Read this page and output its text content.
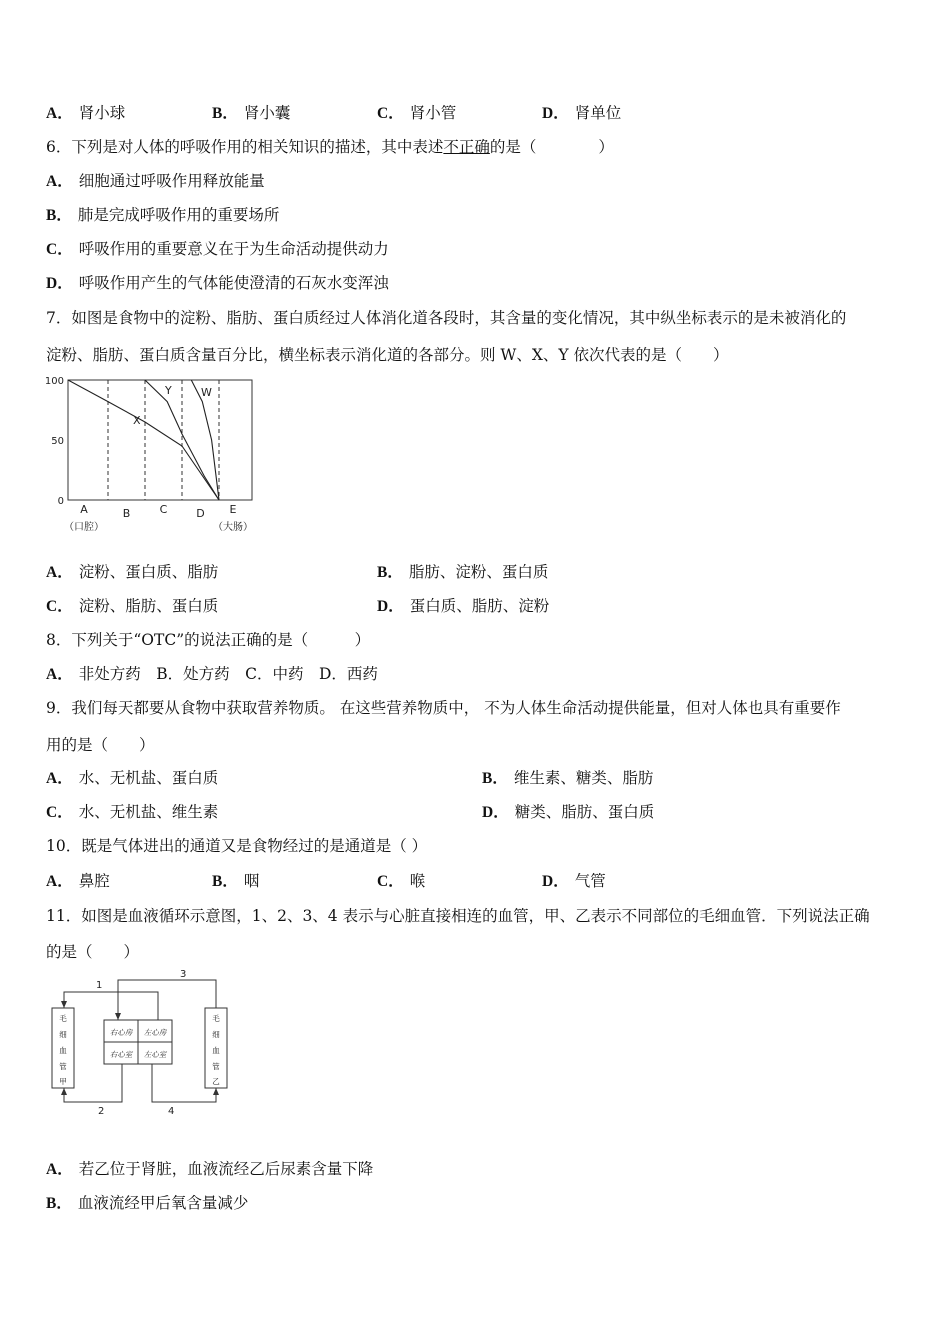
A． 肾小球	B． 肾小囊	C． 肾小管	D． 肾单位
6．下列是对人体的呼吸作用的相关知识的描述，其中表述不正确的是（　　　　）
A． 细胞通过呼吸作用释放能量
B． 肺是完成呼吸作用的重要场所
C． 呼吸作用的重要意义在于为生命活动提供动力
D． 呼吸作用产生的气体能使澄清的石灰水变浑浊
7．如图是食物中的淀粉、脂肪、蛋白质经过人体消化道各段时，其含量的变化情况，其中纵坐标表示的是未被消化的
淀粉、脂肪、蛋白质含量百分比，横坐标表示消化道的各部分。则 W、X、Y 依次代表的是（　　）
100
50
0
A
（口腔）
B	C	D E
（大肠）
X
Y	W
A． 淀粉、蛋白质、脂肪	B． 脂肪、淀粉、蛋白质
C． 淀粉、脂肪、蛋白质	D． 蛋白质、脂肪、淀粉
8．下列关于“OTC”的说法正确的是（　　　）
A． 非处方药　B．处方药　C．中药　D．西药
9．我们每天都要从食物中获取营养物质。 在这些营养物质中， 不为人体生命活动提供能量，但对人体也具有重要作
用的是（　　）
A． 水、无机盐、蛋白质	B． 维生素、糖类、脂肪
C． 水、无机盐、维生素	D． 糖类、脂肪、蛋白质
10．既是气体进出的通道又是食物经过的是通道是（ ）
A． 鼻腔	B． 咽	C． 喉	D． 气管
11．如图是血液循环示意图，1、2、3、4 表示与心脏直接相连的血管，甲、乙表示不同部位的毛细血管．下列说法正确
的是（　　）
1
3
2	4
毛
细
血
管
甲
毛
细
血
管
乙
右心房 左心房
右心室 左心室
A． 若乙位于肾脏，血液流经乙后尿素含量下降
B． 血液流经甲后氧含量减少
